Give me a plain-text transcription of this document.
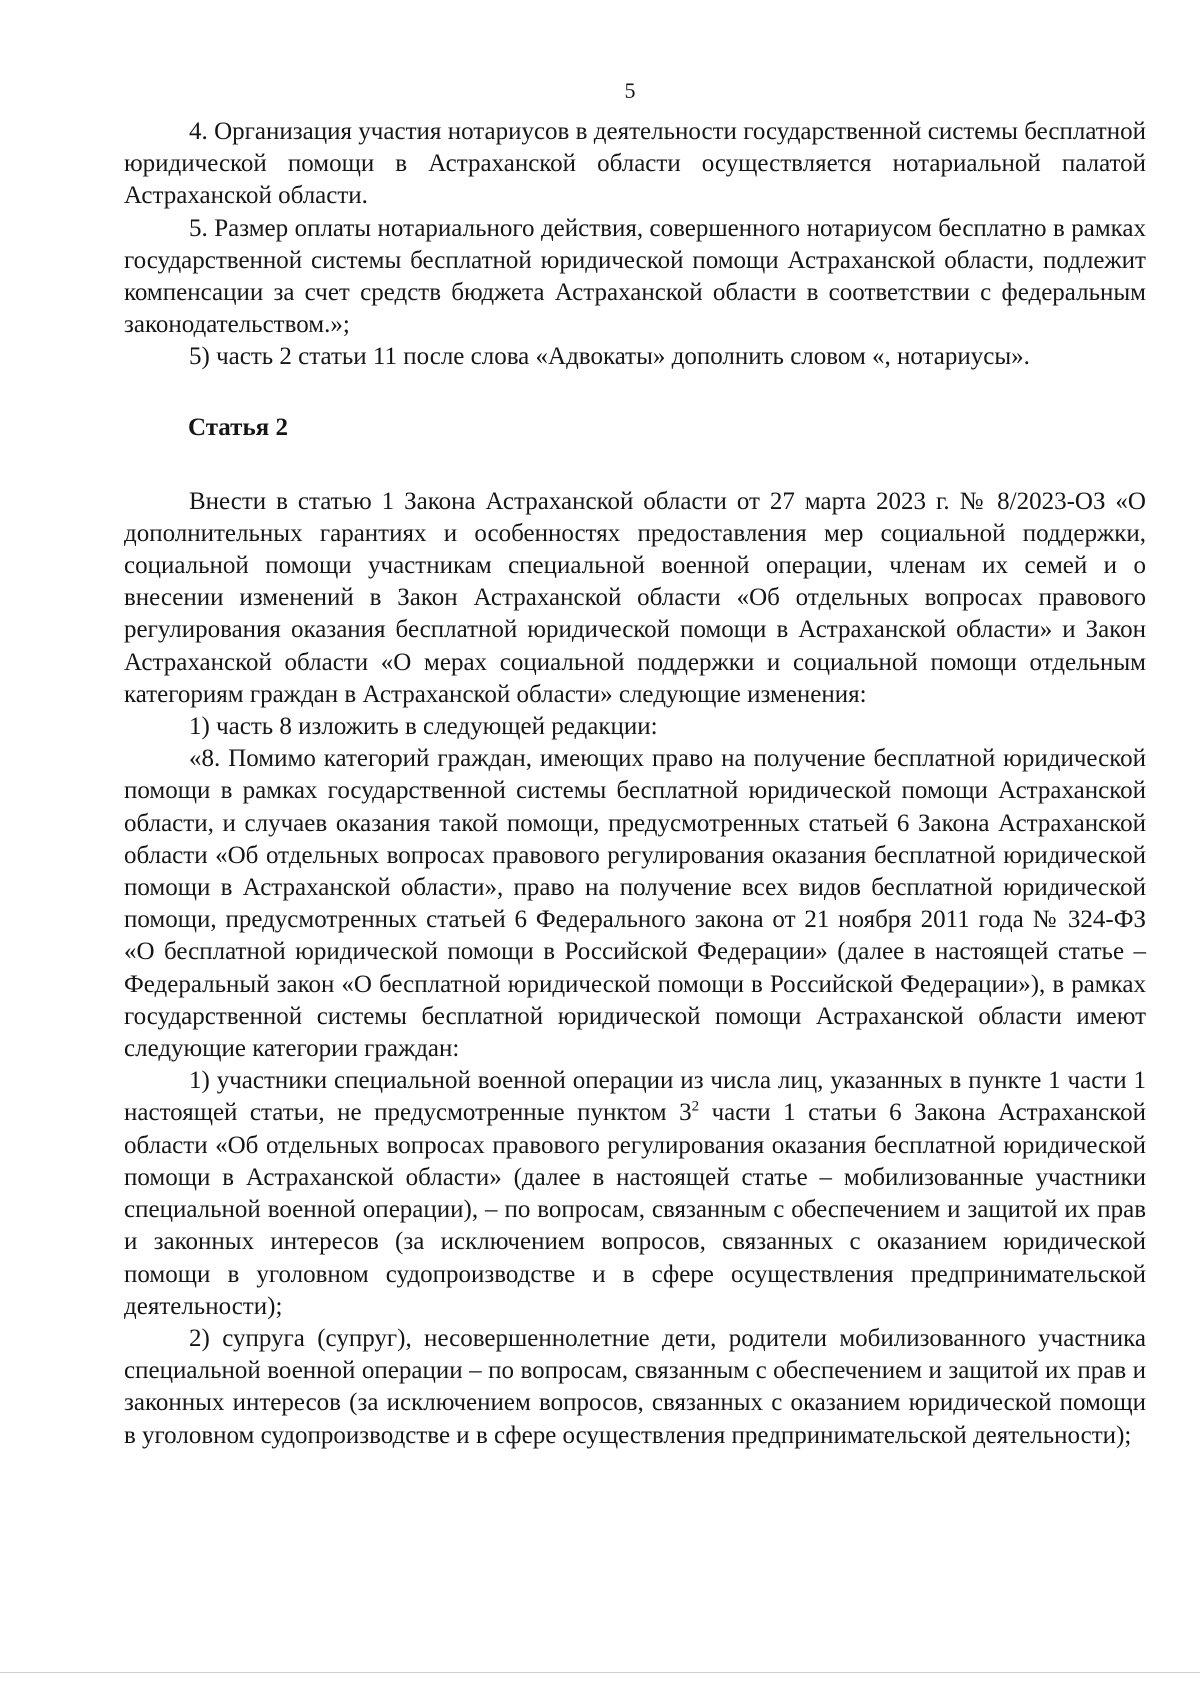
5

4. Организация участия нотариусов в деятельности государственной системы бесплатной юридической помощи в Астраханской области осуществляется нотариальной палатой Астраханской области.

5. Размер оплаты нотариального действия, совершенного нотариусом бесплатно в рамках государственной системы бесплатной юридической помощи Астраханской области, подлежит компенсации за счет средств бюджета Астраханской области в соответствии с федеральным законодательством.»;

5) часть 2 статьи 11 после слова «Адвокаты» дополнить словом «, нотариусы».

Статья 2

Внести в статью 1 Закона Астраханской области от 27 марта 2023 г. № 8/2023-ОЗ «О дополнительных гарантиях и особенностях предоставления мер социальной поддержки, социальной помощи участникам специальной военной операции, членам их семей и о внесении изменений в Закон Астраханской области «Об отдельных вопросах правового регулирования оказания бесплатной юридической помощи в Астраханской области» и Закон Астраханской области «О мерах социальной поддержки и социальной помощи отдельным категориям граждан в Астраханской области» следующие изменения:

1) часть 8 изложить в следующей редакции:

«8. Помимо категорий граждан, имеющих право на получение бесплатной юридической помощи в рамках государственной системы бесплатной юридической помощи Астраханской области, и случаев оказания такой помощи, предусмотренных статьей 6 Закона Астраханской области «Об отдельных вопросах правового регулирования оказания бесплатной юридической помощи в Астраханской области», право на получение всех видов бесплатной юридической помощи, предусмотренных статьей 6 Федерального закона от 21 ноября 2011 года № 324-ФЗ «О бесплатной юридической помощи в Российской Федерации» (далее в настоящей статье – Федеральный закон «О бесплатной юридической помощи в Российской Федерации»), в рамках государственной системы бесплатной юридической помощи Астраханской области имеют следующие категории граждан:

1) участники специальной военной операции из числа лиц, указанных в пункте 1 части 1 настоящей статьи, не предусмотренные пунктом $3^2$ части 1 статьи 6 Закона Астраханской области «Об отдельных вопросах правового регулирования оказания бесплатной юридической помощи в Астраханской области» (далее в настоящей статье – мобилизованные участники специальной военной операции), – по вопросам, связанным с обеспечением и защитой их прав и законных интересов (за исключением вопросов, связанных с оказанием юридической помощи в уголовном судопроизводстве и в сфере осуществления предпринимательской деятельности);

2) супруга (супруг), несовершеннолетние дети, родители мобилизованного участника специальной военной операции – по вопросам, связанным с обеспечением и защитой их прав и законных интересов (за исключением вопросов, связанных с оказанием юридической помощи в уголовном судопроизводстве и в сфере осуществления предпринимательской деятельности);
